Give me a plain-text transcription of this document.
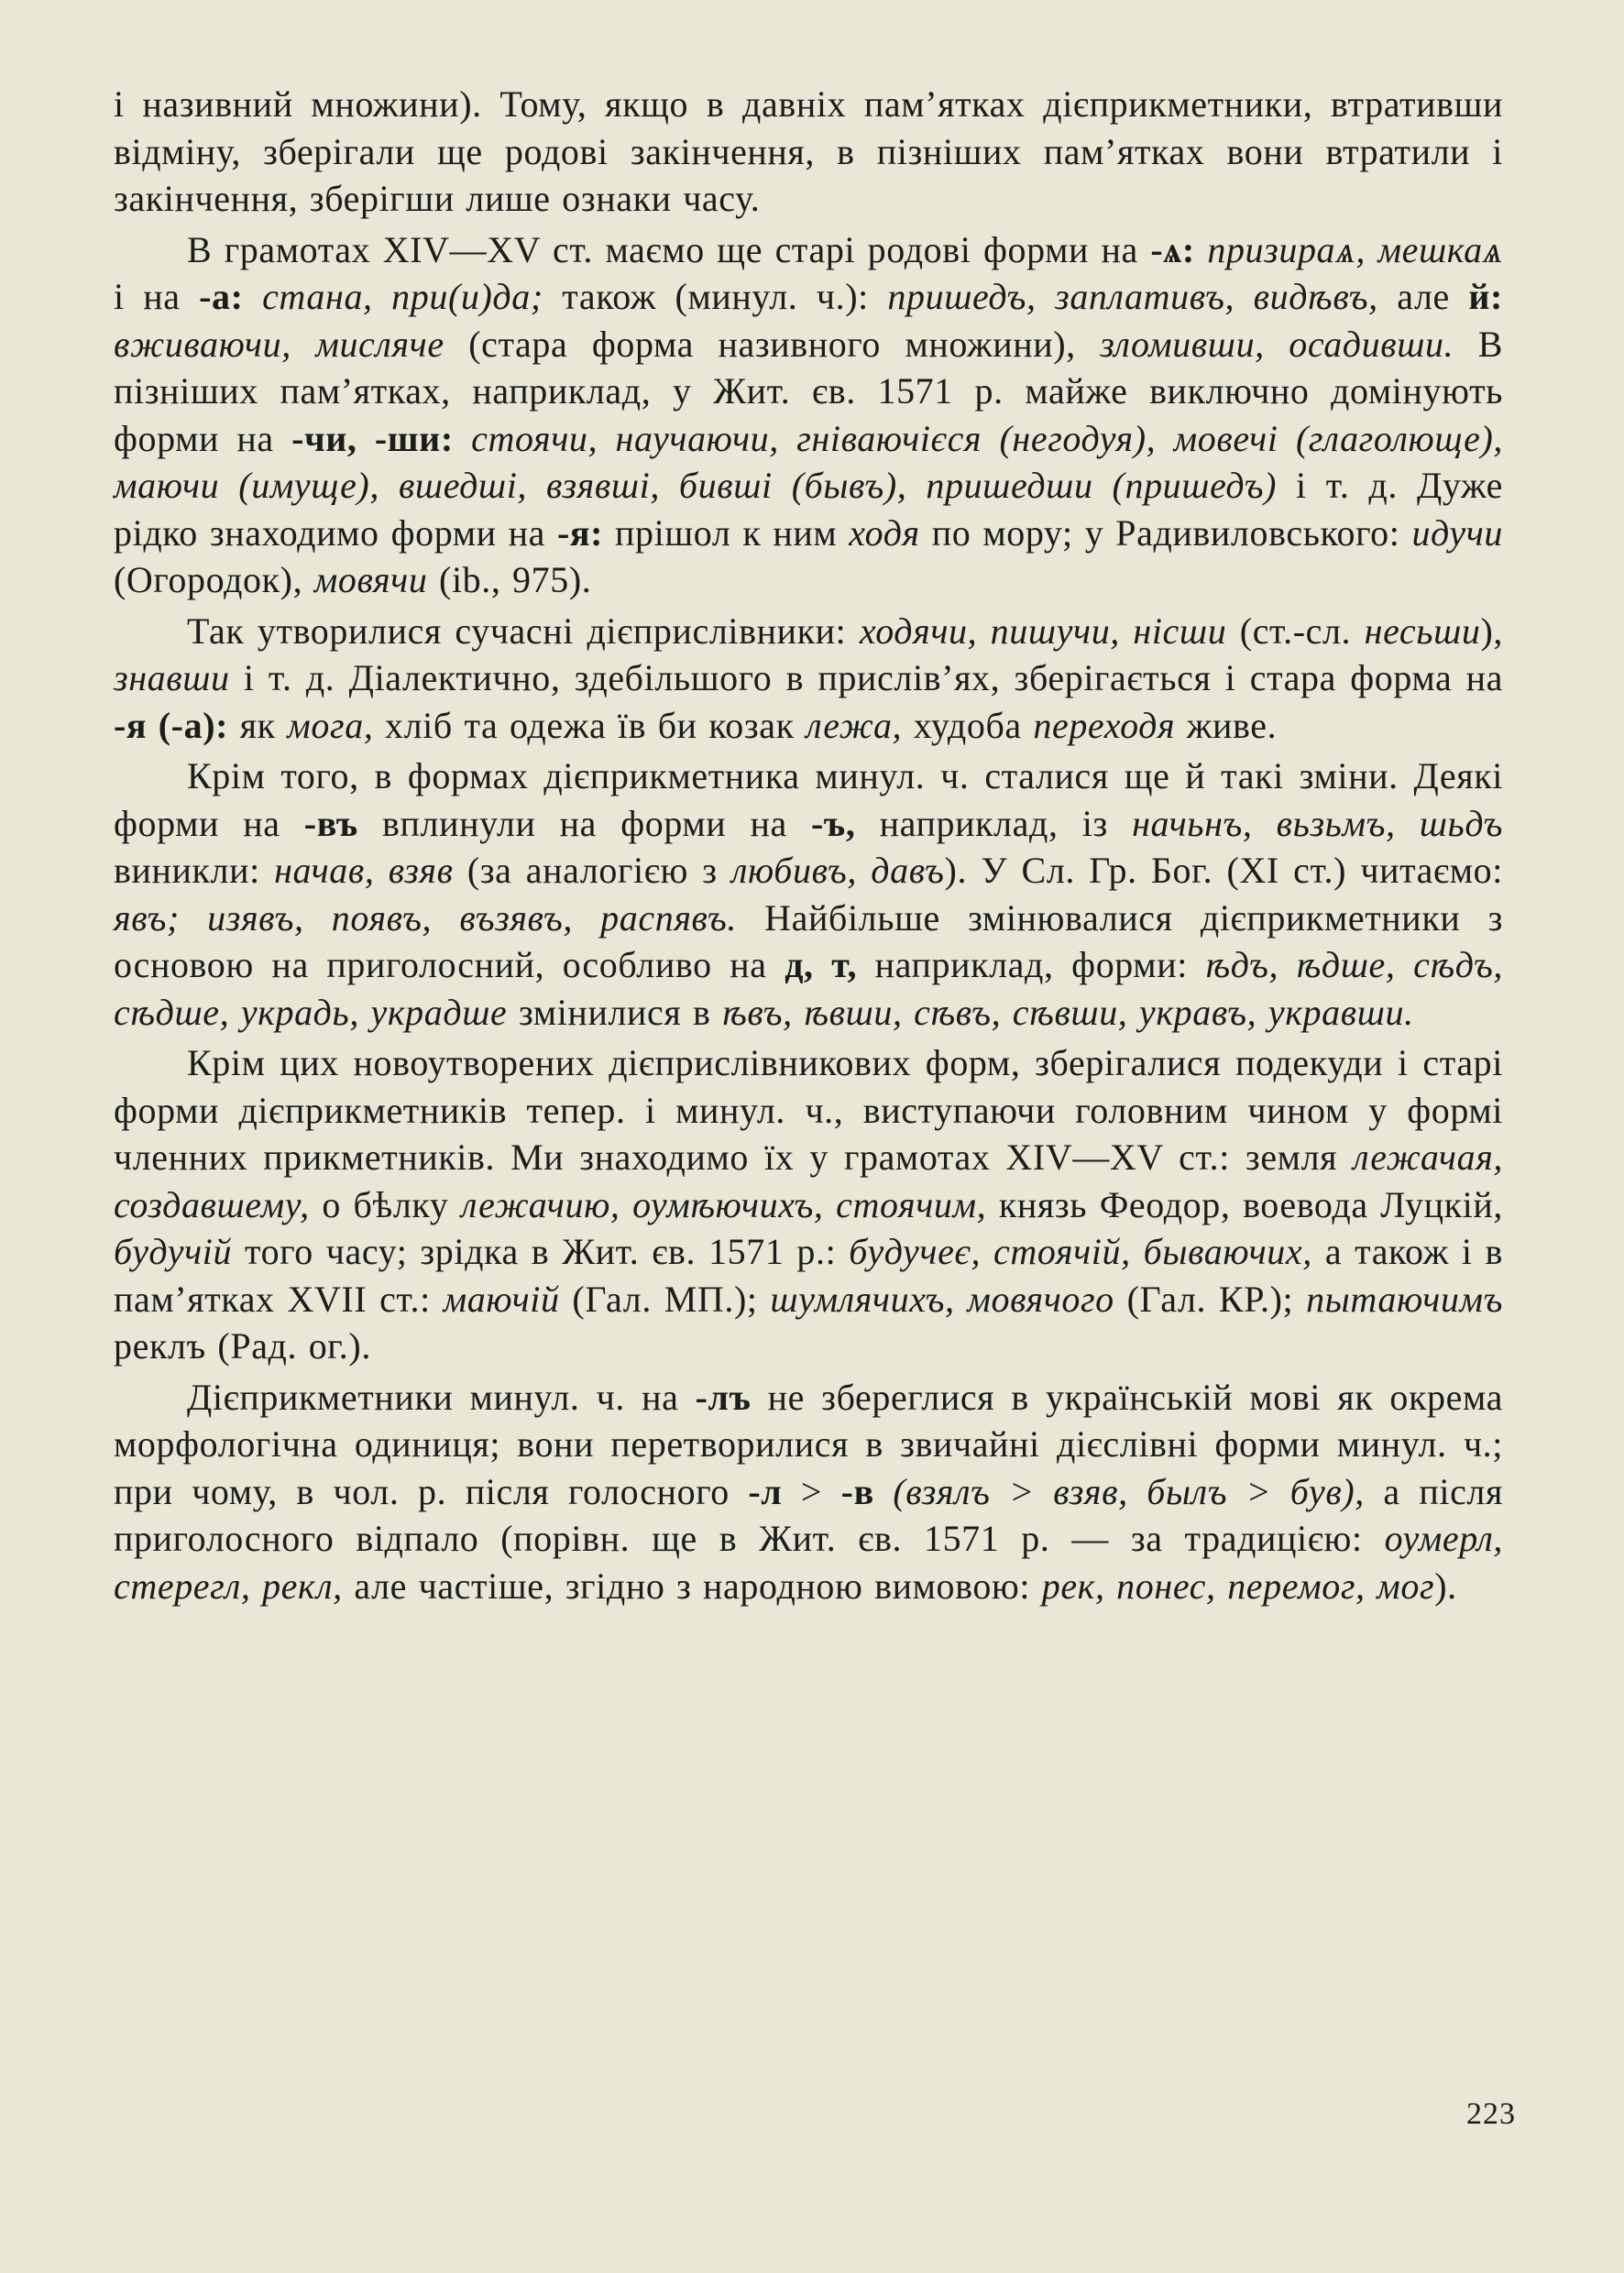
і називний множини). Тому, якщо в давніх пам’ятках дієприкметники, втративши відміну, зберігали ще родові закінчення, в пізніших пам’ятках вони втратили і закінчення, зберігши лише ознаки часу.

В грамотах XIV—XV ст. маємо ще старі родові форми на -ѧ: призираѧ, мешкаѧ і на -а: стана, при(и)да; також (минул. ч.): пришедъ, заплативъ, видѣвъ, але й: вживаючи, мисляче (стара форма називного множини), зломивши, осадивши. В пізніших пам’ятках, наприклад, у Жит. єв. 1571 р. майже виключно домінують форми на -чи, -ши: стоячи, научаючи, гніваючієся (негодуя), мовечі (глаголюще), маючи (имуще), вшедші, взявші, бивші (бывъ), пришедши (пришедъ) і т. д. Дуже рідко знаходимо форми на -я: прішол к ним ходя по мору; у Радивиловського: идучи (Огородок), мовячи (ib., 975).

Так утворилися сучасні дієприслівники: ходячи, пишучи, нісши (ст.-сл. несьши), знавши і т. д. Діалектично, здебільшого в прислів’ях, зберігається і стара форма на -я (-а): як мога, хліб та одежа їв би козак лежа, худоба переходя живе.

Крім того, в формах дієприкметника минул. ч. сталися ще й такі зміни. Деякі форми на -въ вплинули на форми на -ъ, наприклад, із начьнъ, вьзьмъ, шьдъ виникли: начав, взяв (за аналогією з любивъ, давъ). У Сл. Гр. Бог. (XI ст.) читаємо: явъ; изявъ, появъ, възявъ, распявъ. Найбільше змінювалися дієприкметники з основою на приголосний, особливо на д, т, наприклад, форми: ѣдъ, ѣдше, сѣдъ, сѣдше, украдь, украдше змінилися в ѣвъ, ѣвши, сѣвъ, сѣвши, укравъ, укравши.

Крім цих новоутворених дієприслівникових форм, зберігалися подекуди і старі форми дієприкметників тепер. і минул. ч., виступаючи головним чином у формі членних прикметників. Ми знаходимо їх у грамотах XIV—XV ст.: земля лежачая, создавшему, о бѣлку лежачию, оумѣючихъ, стоячим, князь Феодор, воевода Луцкій, будучій того часу; зрідка в Жит. єв. 1571 р.: будучеє, стоячій, бываючих, а також і в пам’ятках XVII ст.: маючій (Гал. МП.); шумлячихъ, мовячого (Гал. КР.); пытаючимъ реклъ (Рад. ог.).

Дієприкметники минул. ч. на -лъ не збереглися в українській мові як окрема морфологічна одиниця; вони перетворилися в звичайні дієслівні форми минул. ч.; при чому, в чол. р. після голосного -л > -в (взялъ > взяв, былъ > був), а після приголосного відпало (порівн. ще в Жит. єв. 1571 р. — за традицією: оумерл, стерегл, рекл, але частіше, згідно з народною вимовою: рек, понес, перемог, мог).

223
